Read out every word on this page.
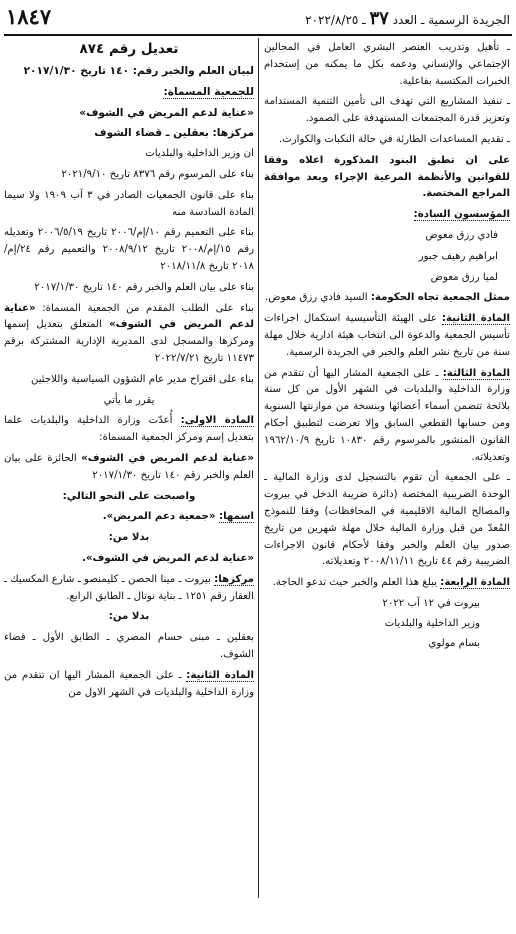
١٨٤٧	الجريدة الرسمية ـ العدد ٣٧ ـ ٢٠٢٢/٨/٢٥

ـ تأهيل وتدريب العنصر البشري العامل في المجالين الإجتماعي والإنساني ودعمه بكل ما يمكنه من إستخدام الخبرات المكتسبة بفاعلية.

ـ تنفيذ المشاريع التي تهدف الى تأمين التنمية المستدامة وتعزيز قدرة المجتمعات المستهدفة على الصمود.

ـ تقديم المساعدات الطارئة في حالة النكبات والكوارث.

على ان تطبق البنود المذكورة اعلاه وفقا للقوانين والأنظمة المرعية الإجراء وبعد موافقة المراجع المختصة.

المؤسسون السادة:

فادي رزق معوض

ابراهيم رهيف جبور

لميا رزق معوض

ممثل الجمعية تجاه الحكومة: السيد فادي رزق معوض.

المادة الثانية: على الهيئة التأسيسية استكمال اجراءات تأسيس الجمعية والدعوة الى انتخاب هيئة ادارية خلال مهلة سنة من تاريخ نشر العلم والخبر في الجريدة الرسمية.

المادة الثالثة: ـ على الجمعية المشار اليها أن تتقدم من وزارة الداخلية والبلديات في الشهر الأول من كل سنة بلائحة تتضمن أسماء أعضائها وبنسخة من موازنتها السنوية ومن حسابها القطعي السابق وإلا تعرضت لتطبيق أحكام القانون المنشور بالمرسوم رقم ١٠٨٣٠ تاريخ ١٩٦٢/١٠/٩ وتعديلاته.

ـ على الجمعية أن تقوم بالتسجيل لدى وزارة المالية ـ الوحدة الضريبية المختصة (دائرة ضريبة الدخل في بيروت والمصالح المالية الاقليمية في المحافظات) وفقا للنموذج المُعدّ من قبل وزارة المالية خلال مهلة شهرين من تاريخ صدور بيان العلم والخبر وفقا لأحكام قانون الاجراءات الضريبية رقم ٤٤ تاريخ ٢٠٠٨/١١/١١ وتعديلاته.

المادة الرابعة: يبلغ هذا العلم والخبر حيث تدعو الحاجة.

بيروت في ١٢ آب ٢٠٢٢

وزير الداخلية والبلديات

بسام مولوي

تعديل رقم ٨٧٤

لبيان العلم والخبر رقم: ١٤٠ تاريخ ٢٠١٧/١/٣٠

للجمعية المسماة:

«عناية لدعم المريض في الشوف»

مركزها: بعقلين ـ قضاء الشوف

ان وزير الداخلية والبلديات

بناء على المرسوم رقم ٨٣٧٦ تاريخ ٢٠٢١/٩/١٠

بناء على قانون الجمعيات الصادر في ٣ آب ١٩٠٩ ولا سيما المادة السادسة منه

بناء على التعميم رقم ١٠/إم/٢٠٠٦ تاريخ ٢٠٠٦/٥/١٩ وتعديله رقم ١٥/إم/٢٠٠٨ تاريخ ٢٠٠٨/٩/١٢ والتعميم رقم ٢٤/إم/٢٠١٨ تاريخ ٢٠١٨/١١/٨

بناء على بيان العلم والخبر رقم ١٤٠ تاريخ ٢٠١٧/١/٣٠

بناء على الطلب المقدم من الجمعية المسماة: «عناية لدعم المريض في الشوف» المتعلق بتعديل إسمها ومركزها والمسجل لدى المديرية الإدارية المشتركة برقم ١١٤٧٣ تاريخ ٢٠٢٢/٧/٢١

بناء على اقتراح مدير عام الشؤون السياسية واللاجئين

يقرر ما يأتي

المادة الاولى: أُعدّت وزارة الداخلية والبلديات علما بتعديل إسم ومركز الجمعية المسماة:

«عناية لدعم المريض في الشوف» الحائزة على بيان العلم والخبر رقم ١٤٠ تاريخ ٢٠١٧/١/٣٠

واصبحت على النحو التالي:

اسمها: «جمعية دعم المريض».

بدلا من:

«عناية لدعم المريض في الشوف».

مركزها: بيروت ـ مينا الحصن ـ كليمنصو ـ شارع المكسيك ـ العقار رقم ١٢٥١ ـ بناية نوتال ـ الطابق الرابع.

بدلا من:

بعقلين ـ مبنى حسام المصري ـ الطابق الأول ـ قضاء الشوف.

المادة الثانية: ـ على الجمعية المشار اليها ان تتقدم من وزارة الداخلية والبلديات في الشهر الاول من
